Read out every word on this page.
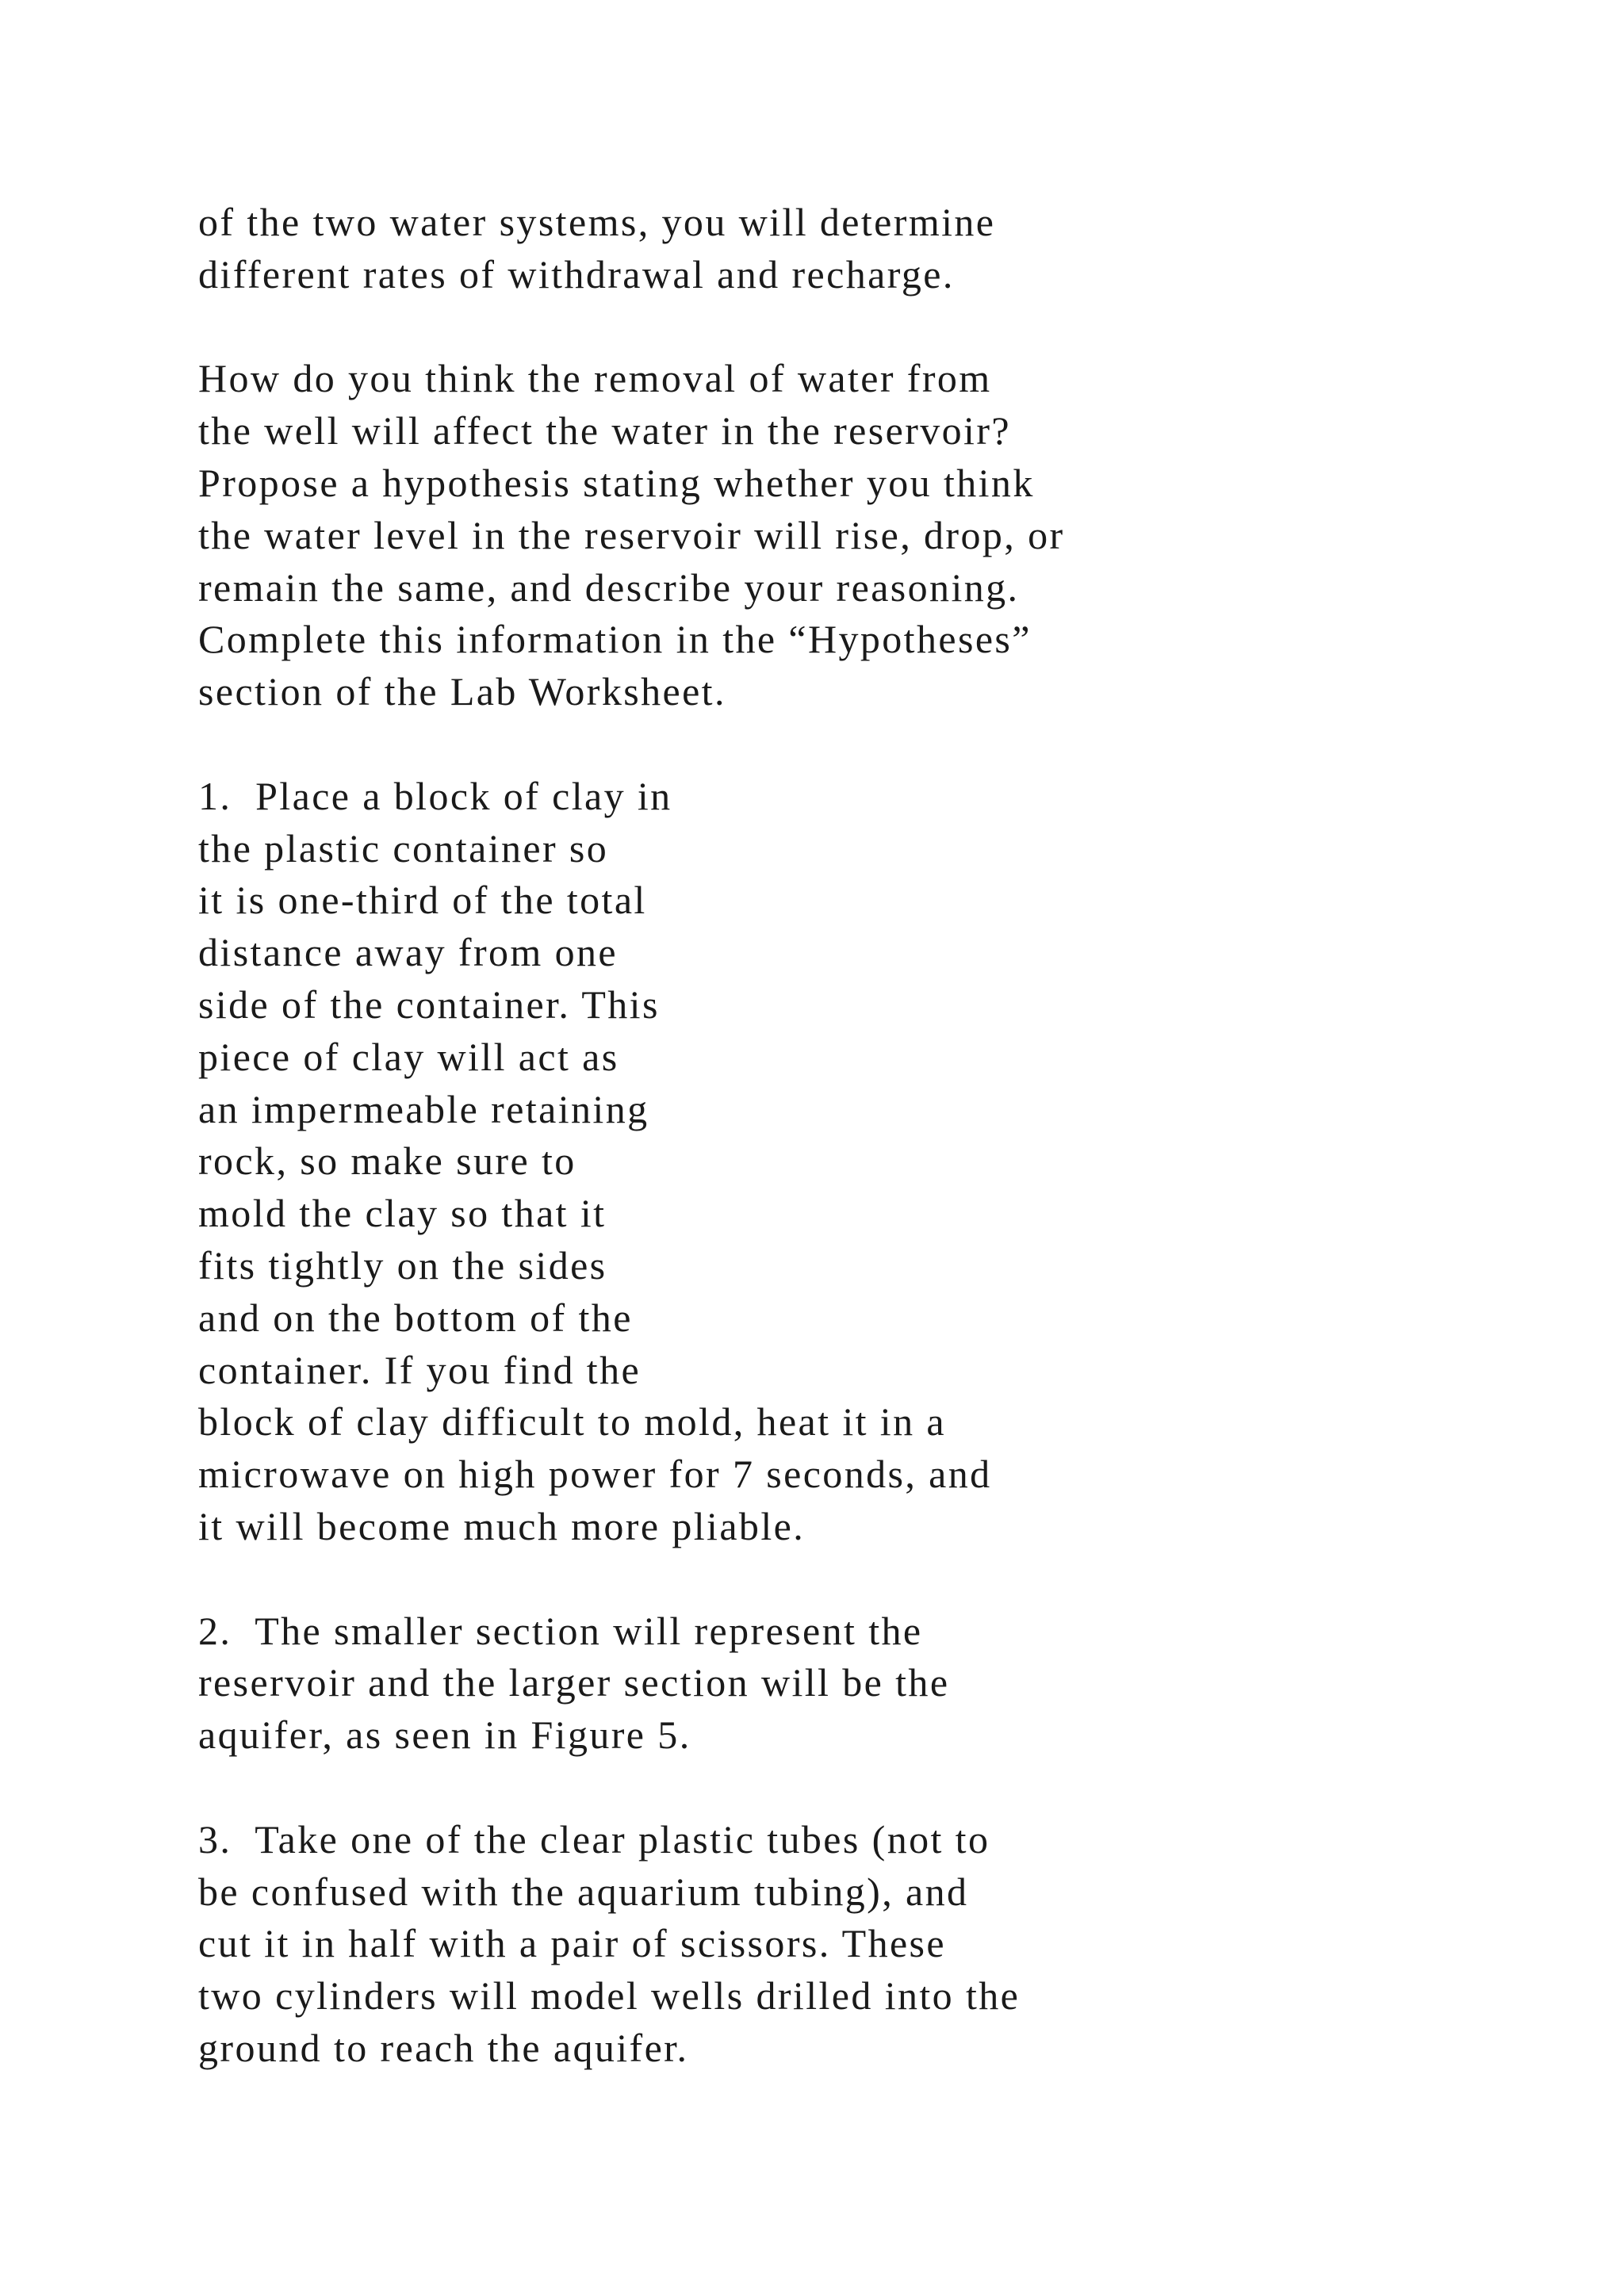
of the two water systems, you will determine
different rates of withdrawal and recharge.
How do you think the removal of water from
the well will affect the water in the reservoir?
Propose a hypothesis stating whether you think
the water level in the reservoir will rise, drop, or
remain the same, and describe your reasoning.
Complete this information in the “Hypotheses”
section of the Lab Worksheet.
1.  Place a block of clay in
the plastic container so
it is one-third of the total
distance away from one
side of the container. This
piece of clay will act as
an impermeable retaining
rock, so make sure to
mold the clay so that it
fits tightly on the sides
and on the bottom of the
container. If you find the
block of clay difficult to mold, heat it in a
microwave on high power for 7 seconds, and
it will become much more pliable.
2.  The smaller section will represent the
reservoir and the larger section will be the
aquifer, as seen in Figure 5.
3.  Take one of the clear plastic tubes (not to
be confused with the aquarium tubing), and
cut it in half with a pair of scissors. These
two cylinders will model wells drilled into the
ground to reach the aquifer.
